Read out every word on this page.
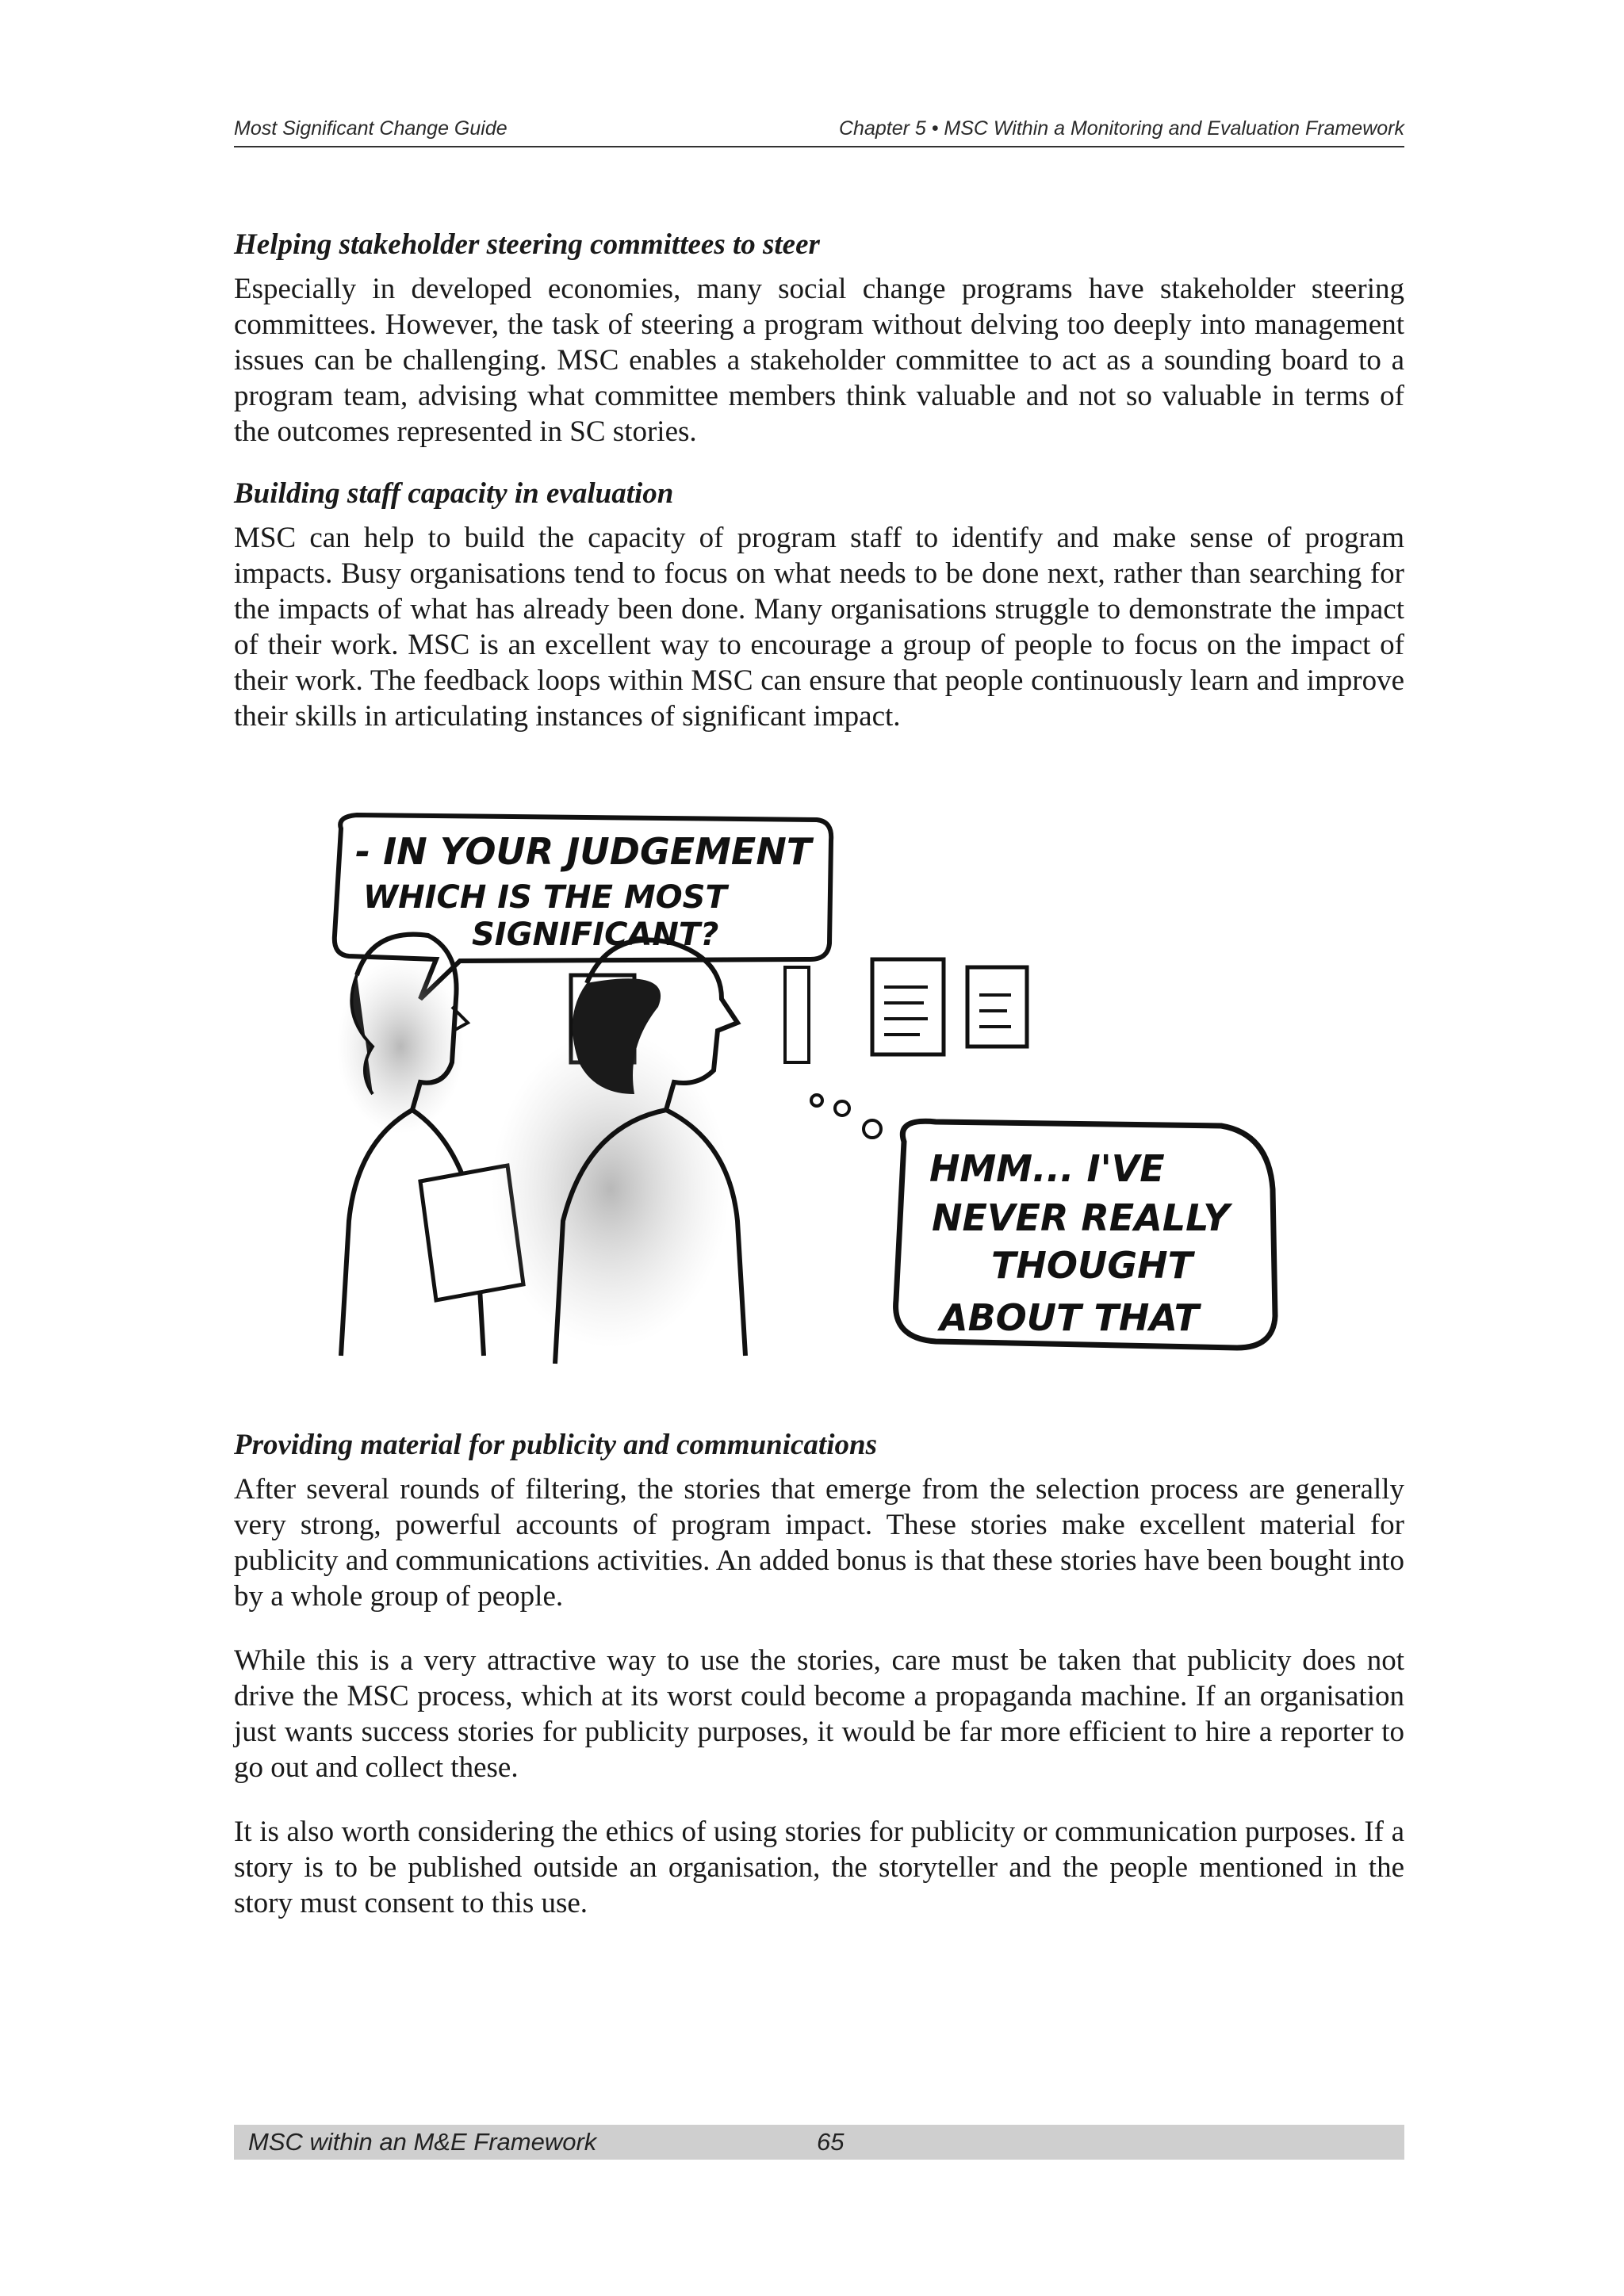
Most Significant Change Guide	Chapter 5 • MSC Within a Monitoring and Evaluation Framework
Helping stakeholder steering committees to steer

Especially in developed economies, many social change programs have stakeholder steering committees. However, the task of steering a program without delving too deeply into management issues can be challenging. MSC enables a stakeholder committee to act as a sounding board to a program team, advising what committee members think valuable and not so valuable in terms of the outcomes represented in SC stories.

Building staff capacity in evaluation

MSC can help to build the capacity of program staff to identify and make sense of program impacts. Busy organisations tend to focus on what needs to be done next, rather than searching for the impacts of what has already been done. Many organisations struggle to demonstrate the impact of their work. MSC is an excellent way to encourage a group of people to focus on the impact of their work. The feedback loops within MSC can ensure that people continuously learn and improve their skills in articulating instances of significant impact.

- IN YOUR JUDGEMENT
WHICH IS THE MOST
SIGNIFICANT?
HMM... I'VE
NEVER REALLY
THOUGHT
ABOUT THAT
Providing material for publicity and communications

After several rounds of filtering, the stories that emerge from the selection process are generally very strong, powerful accounts of program impact. These stories make excellent material for publicity and communications activities. An added bonus is that these stories have been bought into by a whole group of people.

While this is a very attractive way to use the stories, care must be taken that publicity does not drive the MSC process, which at its worst could become a propaganda machine. If an organisation just wants success stories for publicity purposes, it would be far more efficient to hire a reporter to go out and collect these.

It is also worth considering the ethics of using stories for publicity or communication purposes. If a story is to be published outside an organisation, the storyteller and the people mentioned in the story must consent to this use.

MSC within an M&E Framework	65
